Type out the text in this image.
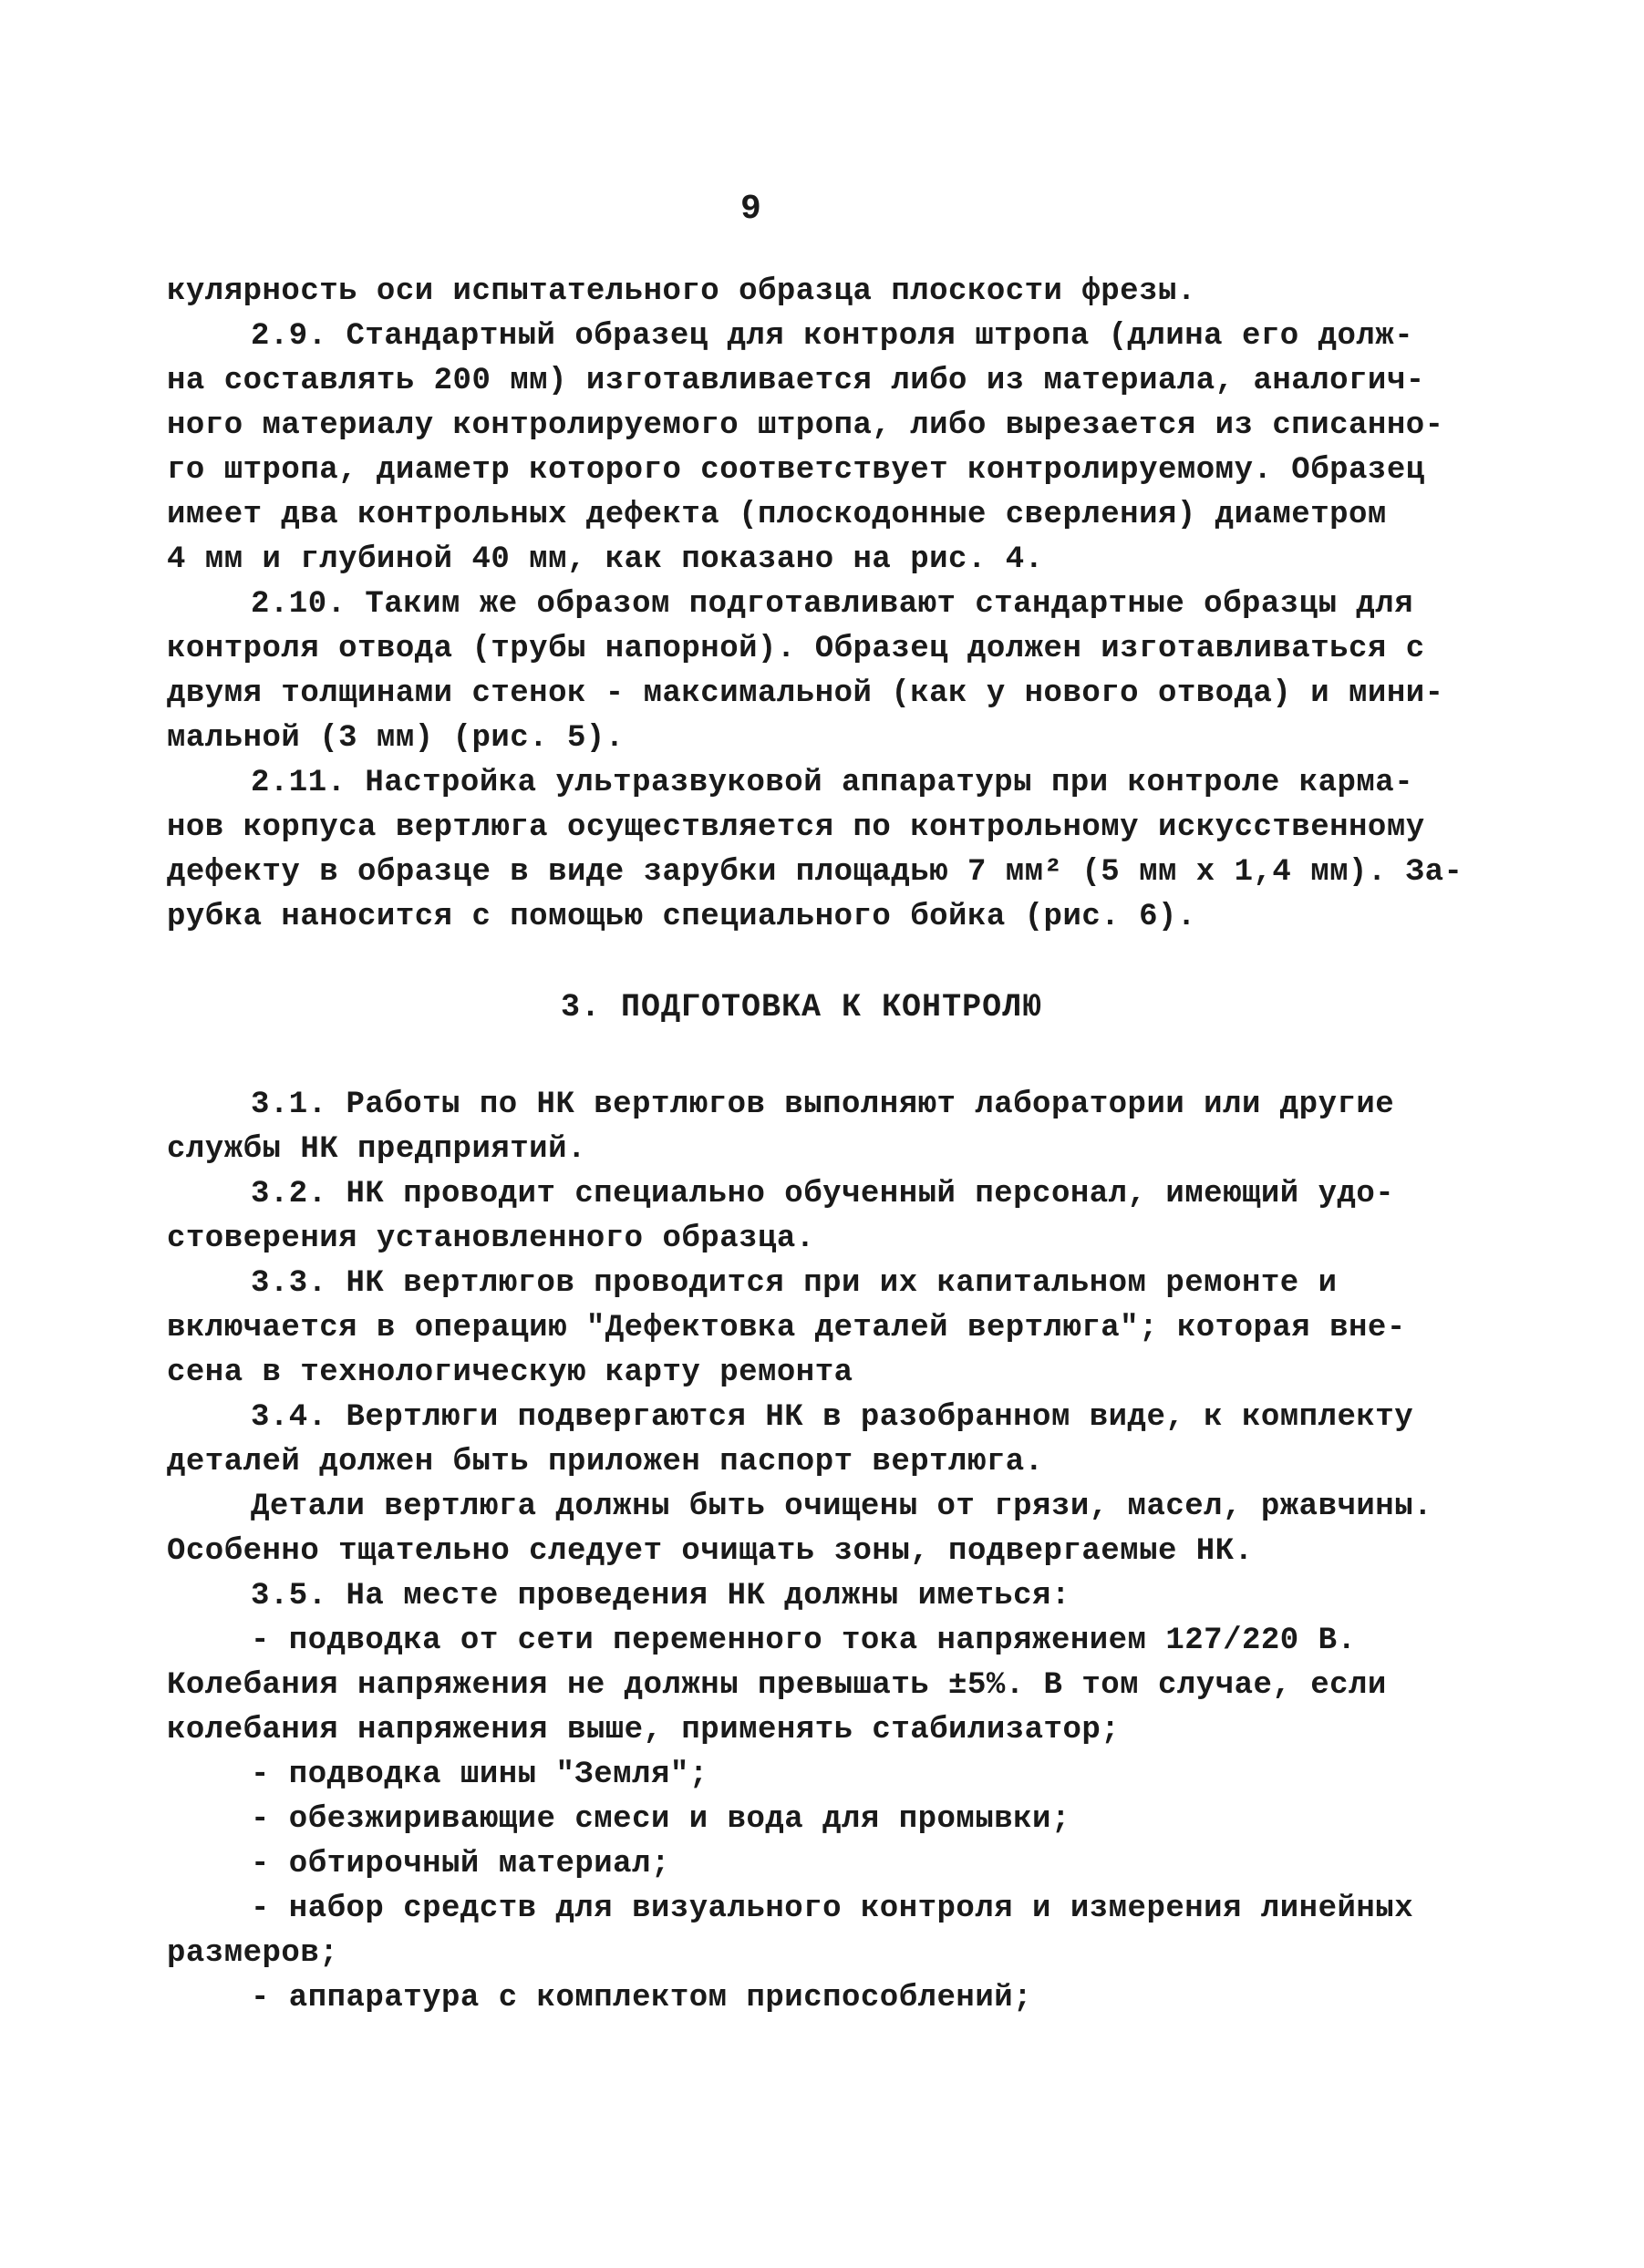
9
кулярность оси испытательного образца плоскости фрезы.
2.9. Стандартный образец для контроля штропа (длина его долж-
на составлять 200 мм) изготавливается либо из материала, аналогич-
ного материалу контролируемого штропа, либо вырезается из списанно-
го штропа, диаметр которого соответствует контролируемому. Образец
имеет два контрольных дефекта (плоскодонные сверления) диаметром
4 мм и глубиной 40 мм, как показано на рис. 4.
2.10. Таким же образом подготавливают стандартные образцы для
контроля отвода (трубы напорной). Образец должен изготавливаться с
двумя толщинами стенок - максимальной (как у нового отвода) и мини-
мальной (3 мм) (рис. 5).
2.11. Настройка ультразвуковой аппаратуры при контроле карма-
нов корпуса вертлюга осуществляется по контрольному искусственному
дефекту в образце в виде зарубки площадью 7 мм² (5 мм x 1,4 мм). За-
рубка наносится с помощью специального бойка (рис. 6).
3. ПОДГОТОВКА К КОНТРОЛЮ
3.1. Работы по НК вертлюгов выполняют лаборатории или другие
службы НК предприятий.
3.2. НК проводит специально обученный персонал, имеющий удо-
стоверения установленного образца.
3.3. НК вертлюгов проводится при их капитальном ремонте и
включается в операцию "Дефектовка деталей вертлюга"; которая вне-
сена в технологическую карту ремонта
3.4. Вертлюги подвергаются НК в разобранном виде, к комплекту
деталей должен быть приложен паспорт вертлюга.
Детали вертлюга должны быть очищены от грязи, масел, ржавчины.
Особенно тщательно следует очищать зоны, подвергаемые НК.
3.5. На месте проведения НК должны иметься:
- подводка от сети переменного тока напряжением 127/220 В.
Колебания напряжения не должны превышать ±5%. В том случае, если
колебания напряжения выше, применять стабилизатор;
- подводка шины "Земля";
- обезжиривающие смеси и вода для промывки;
- обтирочный материал;
- набор средств для визуального контроля и измерения линейных
размеров;
- аппаратура с комплектом приспособлений;
